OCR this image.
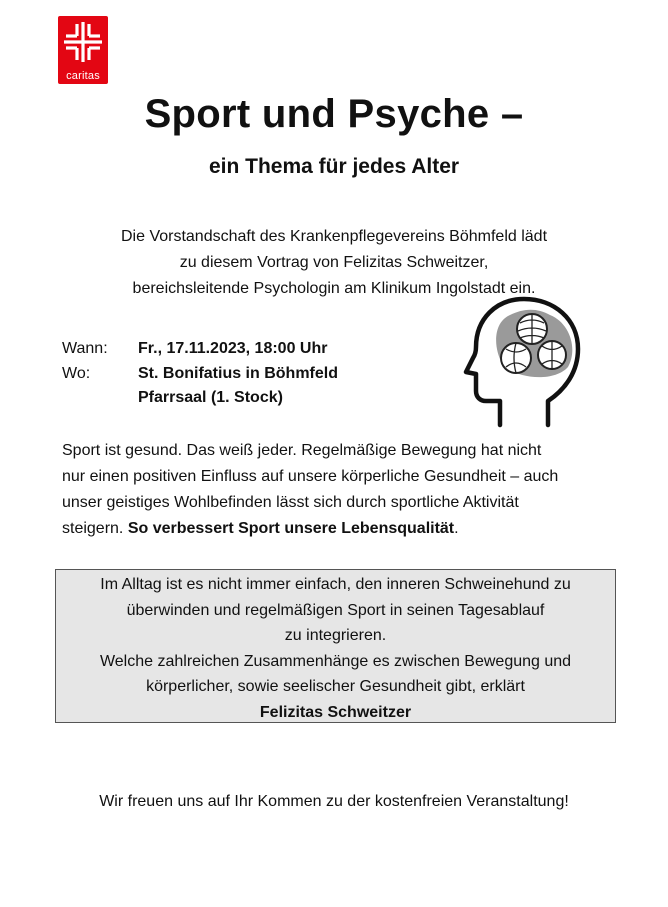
caritas
Sport und Psyche –
ein Thema für jedes Alter
Die Vorstandschaft des Krankenpflegevereins Böhmfeld lädt
zu diesem Vortrag von Felizitas Schweitzer,
bereichsleitende Psychologin am Klinikum Ingolstadt ein.
Wann:	Fr., 17.11.2023, 18:00 Uhr
Wo:	St. Bonifatius in Böhmfeld
Pfarrsaal (1. Stock)
Sport ist gesund. Das weiß jeder. Regelmäßige Bewegung hat nicht
nur einen positiven Einfluss auf unsere körperliche Gesundheit – auch
unser geistiges Wohlbefinden lässt sich durch sportliche Aktivität
steigern. So verbessert Sport unsere Lebensqualität.
Im Alltag ist es nicht immer einfach, den inneren Schweinehund zu
überwinden und regelmäßigen Sport in seinen Tagesablauf
zu integrieren.
Welche zahlreichen Zusammenhänge es zwischen Bewegung und
körperlicher, sowie seelischer Gesundheit gibt, erklärt
Felizitas Schweitzer
Wir freuen uns auf Ihr Kommen zu der kostenfreien Veranstaltung!
